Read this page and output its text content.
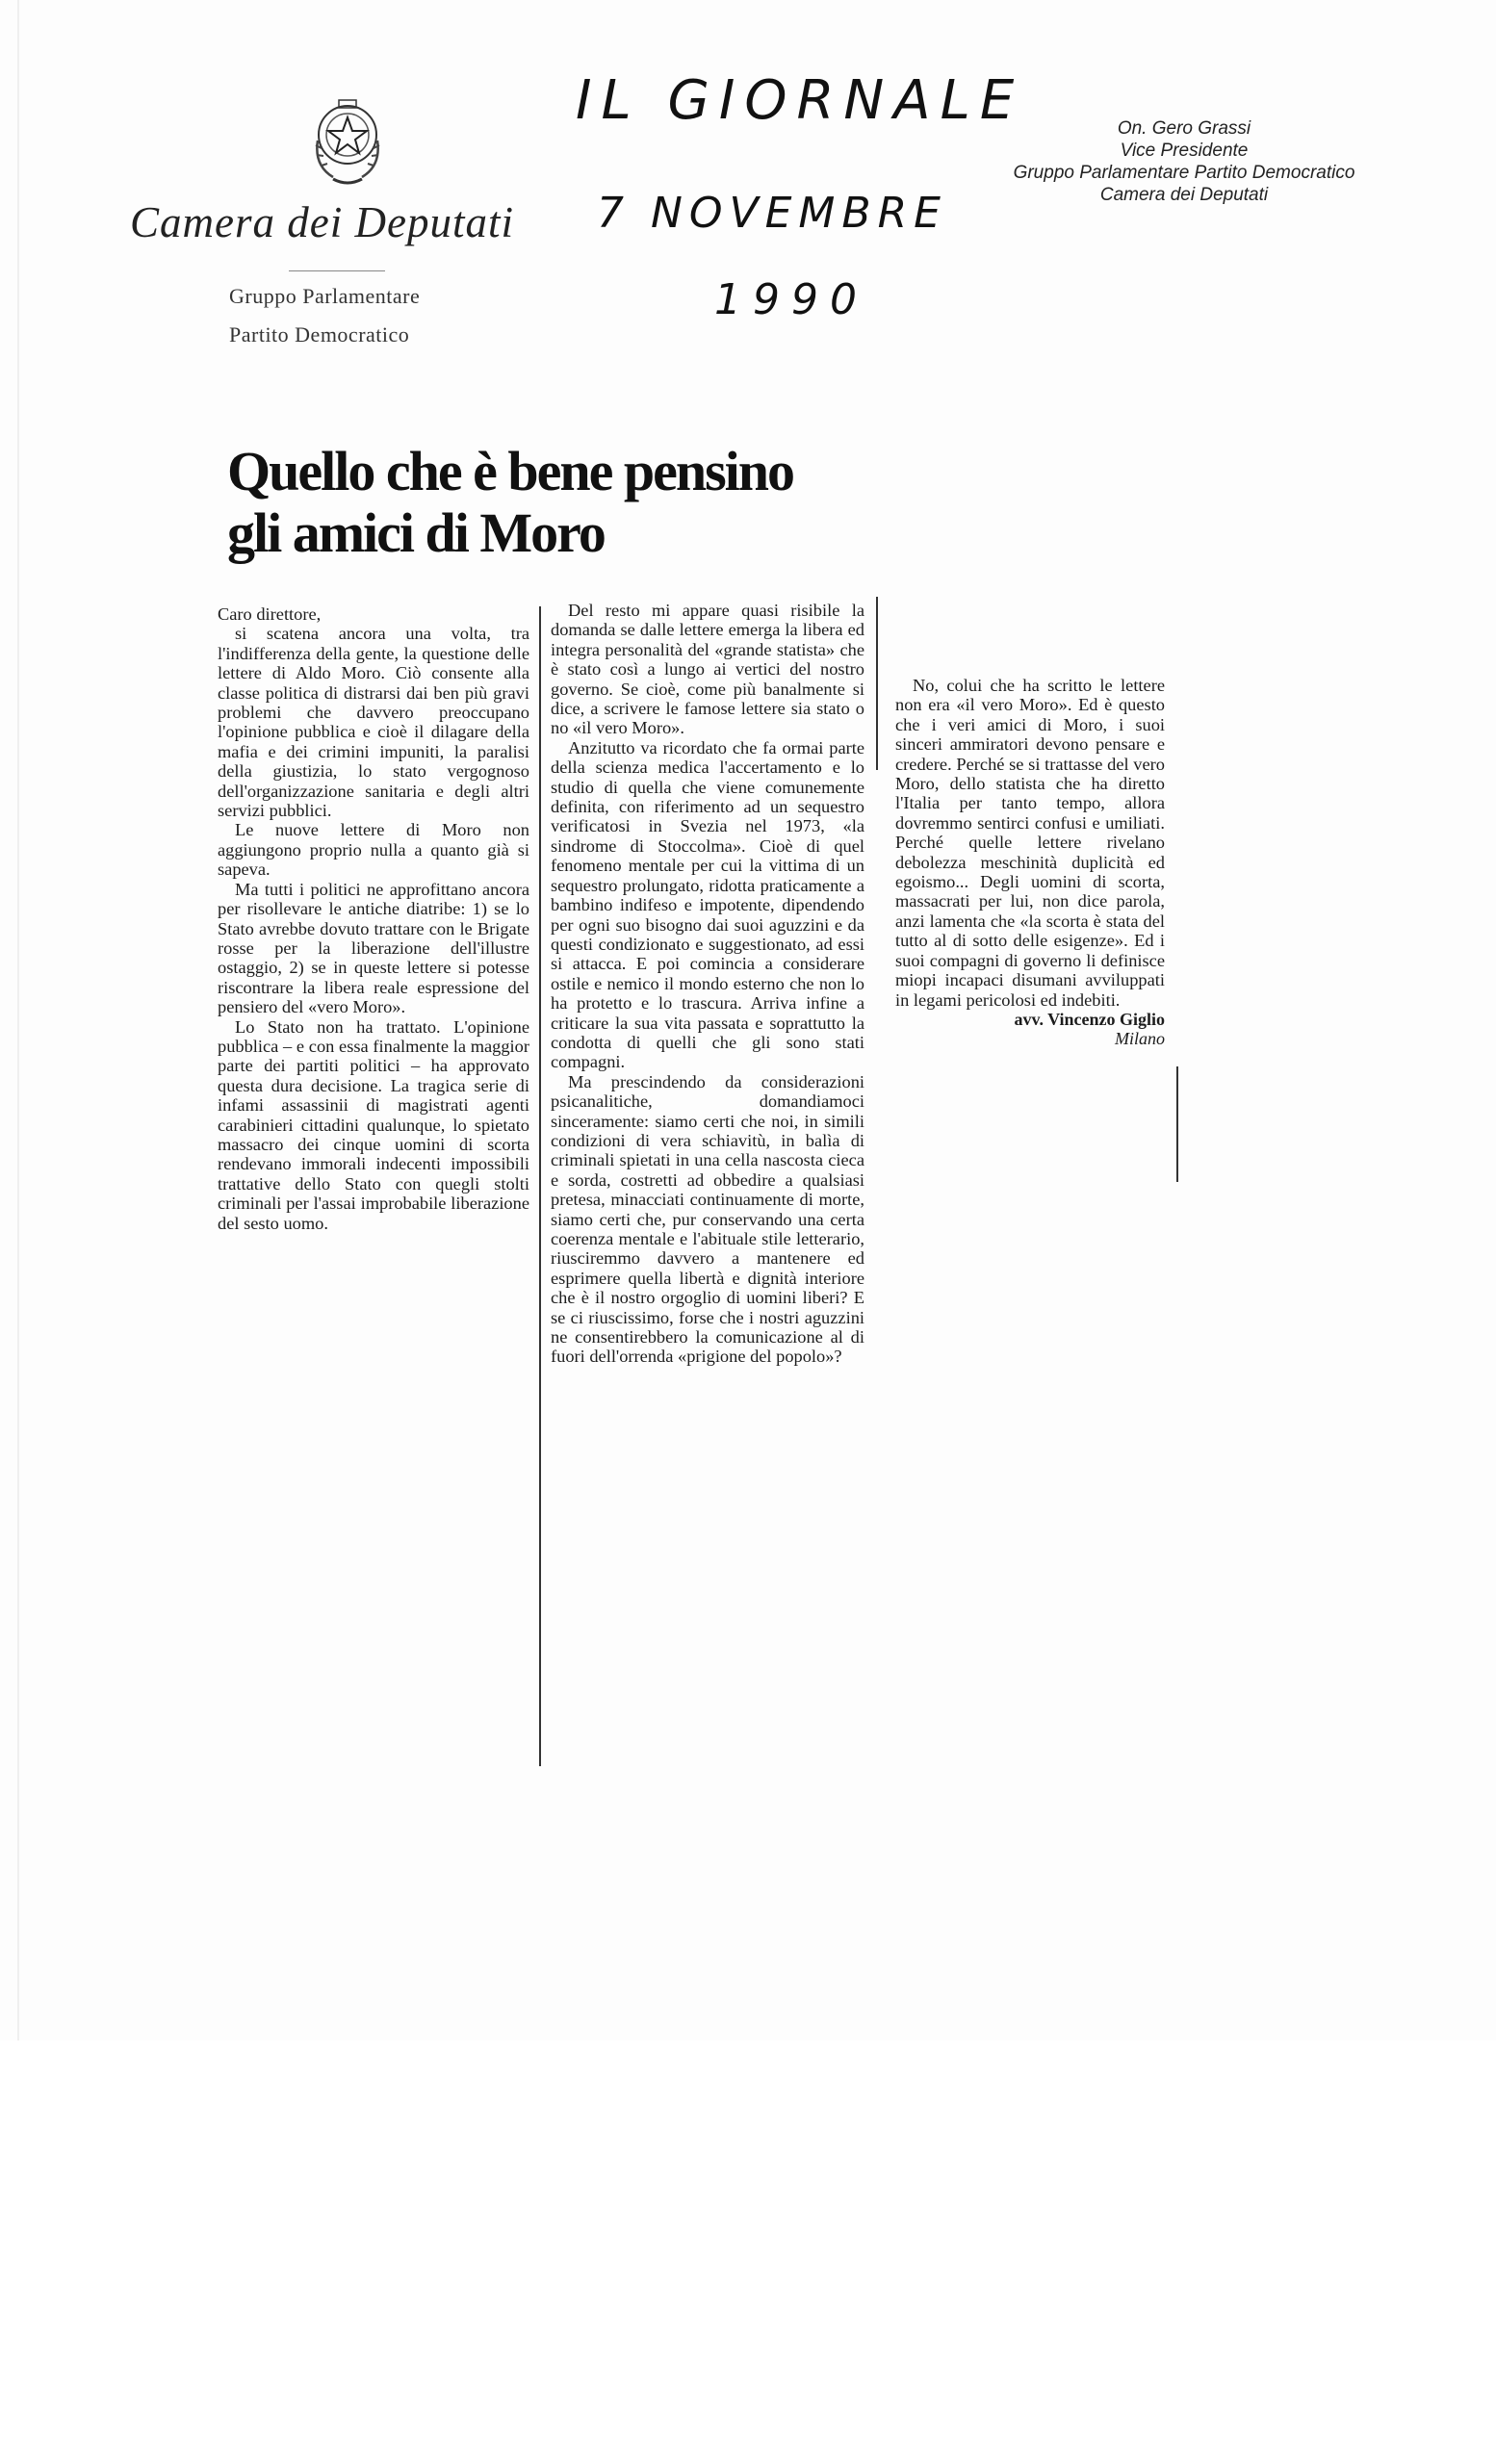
Camera dei Deputati
Gruppo Parlamentare
Partito Democratico
IL GIORNALE
7 NOVEMBRE
1990
On. Gero Grassi
Vice Presidente
Gruppo Parlamentare Partito Democratico
Camera dei Deputati
Quello che è bene pensino gli amici di Moro

Caro direttore,

si scatena ancora una volta, tra l'indifferenza della gente, la questione delle lettere di Aldo Moro. Ciò consente alla classe politica di distrarsi dai ben più gravi problemi che davvero preoccupano l'opinione pubblica e cioè il dilagare della mafia e dei crimini impuniti, la paralisi della giustizia, lo stato vergognoso dell'organizzazione sanitaria e degli altri servizi pubblici.

Le nuove lettere di Moro non aggiungono proprio nulla a quanto già si sapeva.

Ma tutti i politici ne approfittano ancora per risollevare le antiche diatribe: 1) se lo Stato avrebbe dovuto trattare con le Brigate rosse per la liberazione dell'illustre ostaggio, 2) se in queste lettere si potesse riscontrare la libera reale espressione del pensiero del «vero Moro».

Lo Stato non ha trattato. L'opinione pubblica – e con essa finalmente la maggior parte dei partiti politici – ha approvato questa dura decisione. La tragica serie di infami assassinii di magistrati agenti carabinieri cittadini qualunque, lo spietato massacro dei cinque uomini di scorta rendevano immorali indecenti impossibili trattative dello Stato con quegli stolti criminali per l'assai improbabile liberazione del sesto uomo.

Del resto mi appare quasi risibile la domanda se dalle lettere emerga la libera ed integra personalità del «grande statista» che è stato così a lungo ai vertici del nostro governo. Se cioè, come più banalmente si dice, a scrivere le famose lettere sia stato o no «il vero Moro».

Anzitutto va ricordato che fa ormai parte della scienza medica l'accertamento e lo studio di quella che viene comunemente definita, con riferimento ad un sequestro verificatosi in Svezia nel 1973, «la sindrome di Stoccolma». Cioè di quel fenomeno mentale per cui la vittima di un sequestro prolungato, ridotta praticamente a bambino indifeso e impotente, dipendendo per ogni suo bisogno dai suoi aguzzini e da questi condizionato e suggestionato, ad essi si attacca. E poi comincia a considerare ostile e nemico il mondo esterno che non lo ha protetto e lo trascura. Arriva infine a criticare la sua vita passata e soprattutto la condotta di quelli che gli sono stati compagni.

Ma prescindendo da considerazioni psicanalitiche, domandiamoci sinceramente: siamo certi che noi, in simili condizioni di vera schiavitù, in balìa di criminali spietati in una cella nascosta cieca e sorda, costretti ad obbedire a qualsiasi pretesa, minacciati continuamente di morte, siamo certi che, pur conservando una certa coerenza mentale e l'abituale stile letterario, riusciremmo davvero a mantenere ed esprimere quella libertà e dignità interiore che è il nostro orgoglio di uomini liberi? E se ci riuscissimo, forse che i nostri aguzzini ne consentirebbero la comunicazione al di fuori dell'orrenda «prigione del popolo»?

No, colui che ha scritto le lettere non era «il vero Moro». Ed è questo che i veri amici di Moro, i suoi sinceri ammiratori devono pensare e credere. Perché se si trattasse del vero Moro, dello statista che ha diretto l'Italia per tanto tempo, allora dovremmo sentirci confusi e umiliati. Perché quelle lettere rivelano debolezza meschinità duplicità ed egoismo... Degli uomini di scorta, massacrati per lui, non dice parola, anzi lamenta che «la scorta è stata del tutto al di sotto delle esigenze». Ed i suoi compagni di governo li definisce miopi incapaci disumani avviluppati in legami pericolosi ed indebiti.

avv. Vincenzo Giglio

Milano
